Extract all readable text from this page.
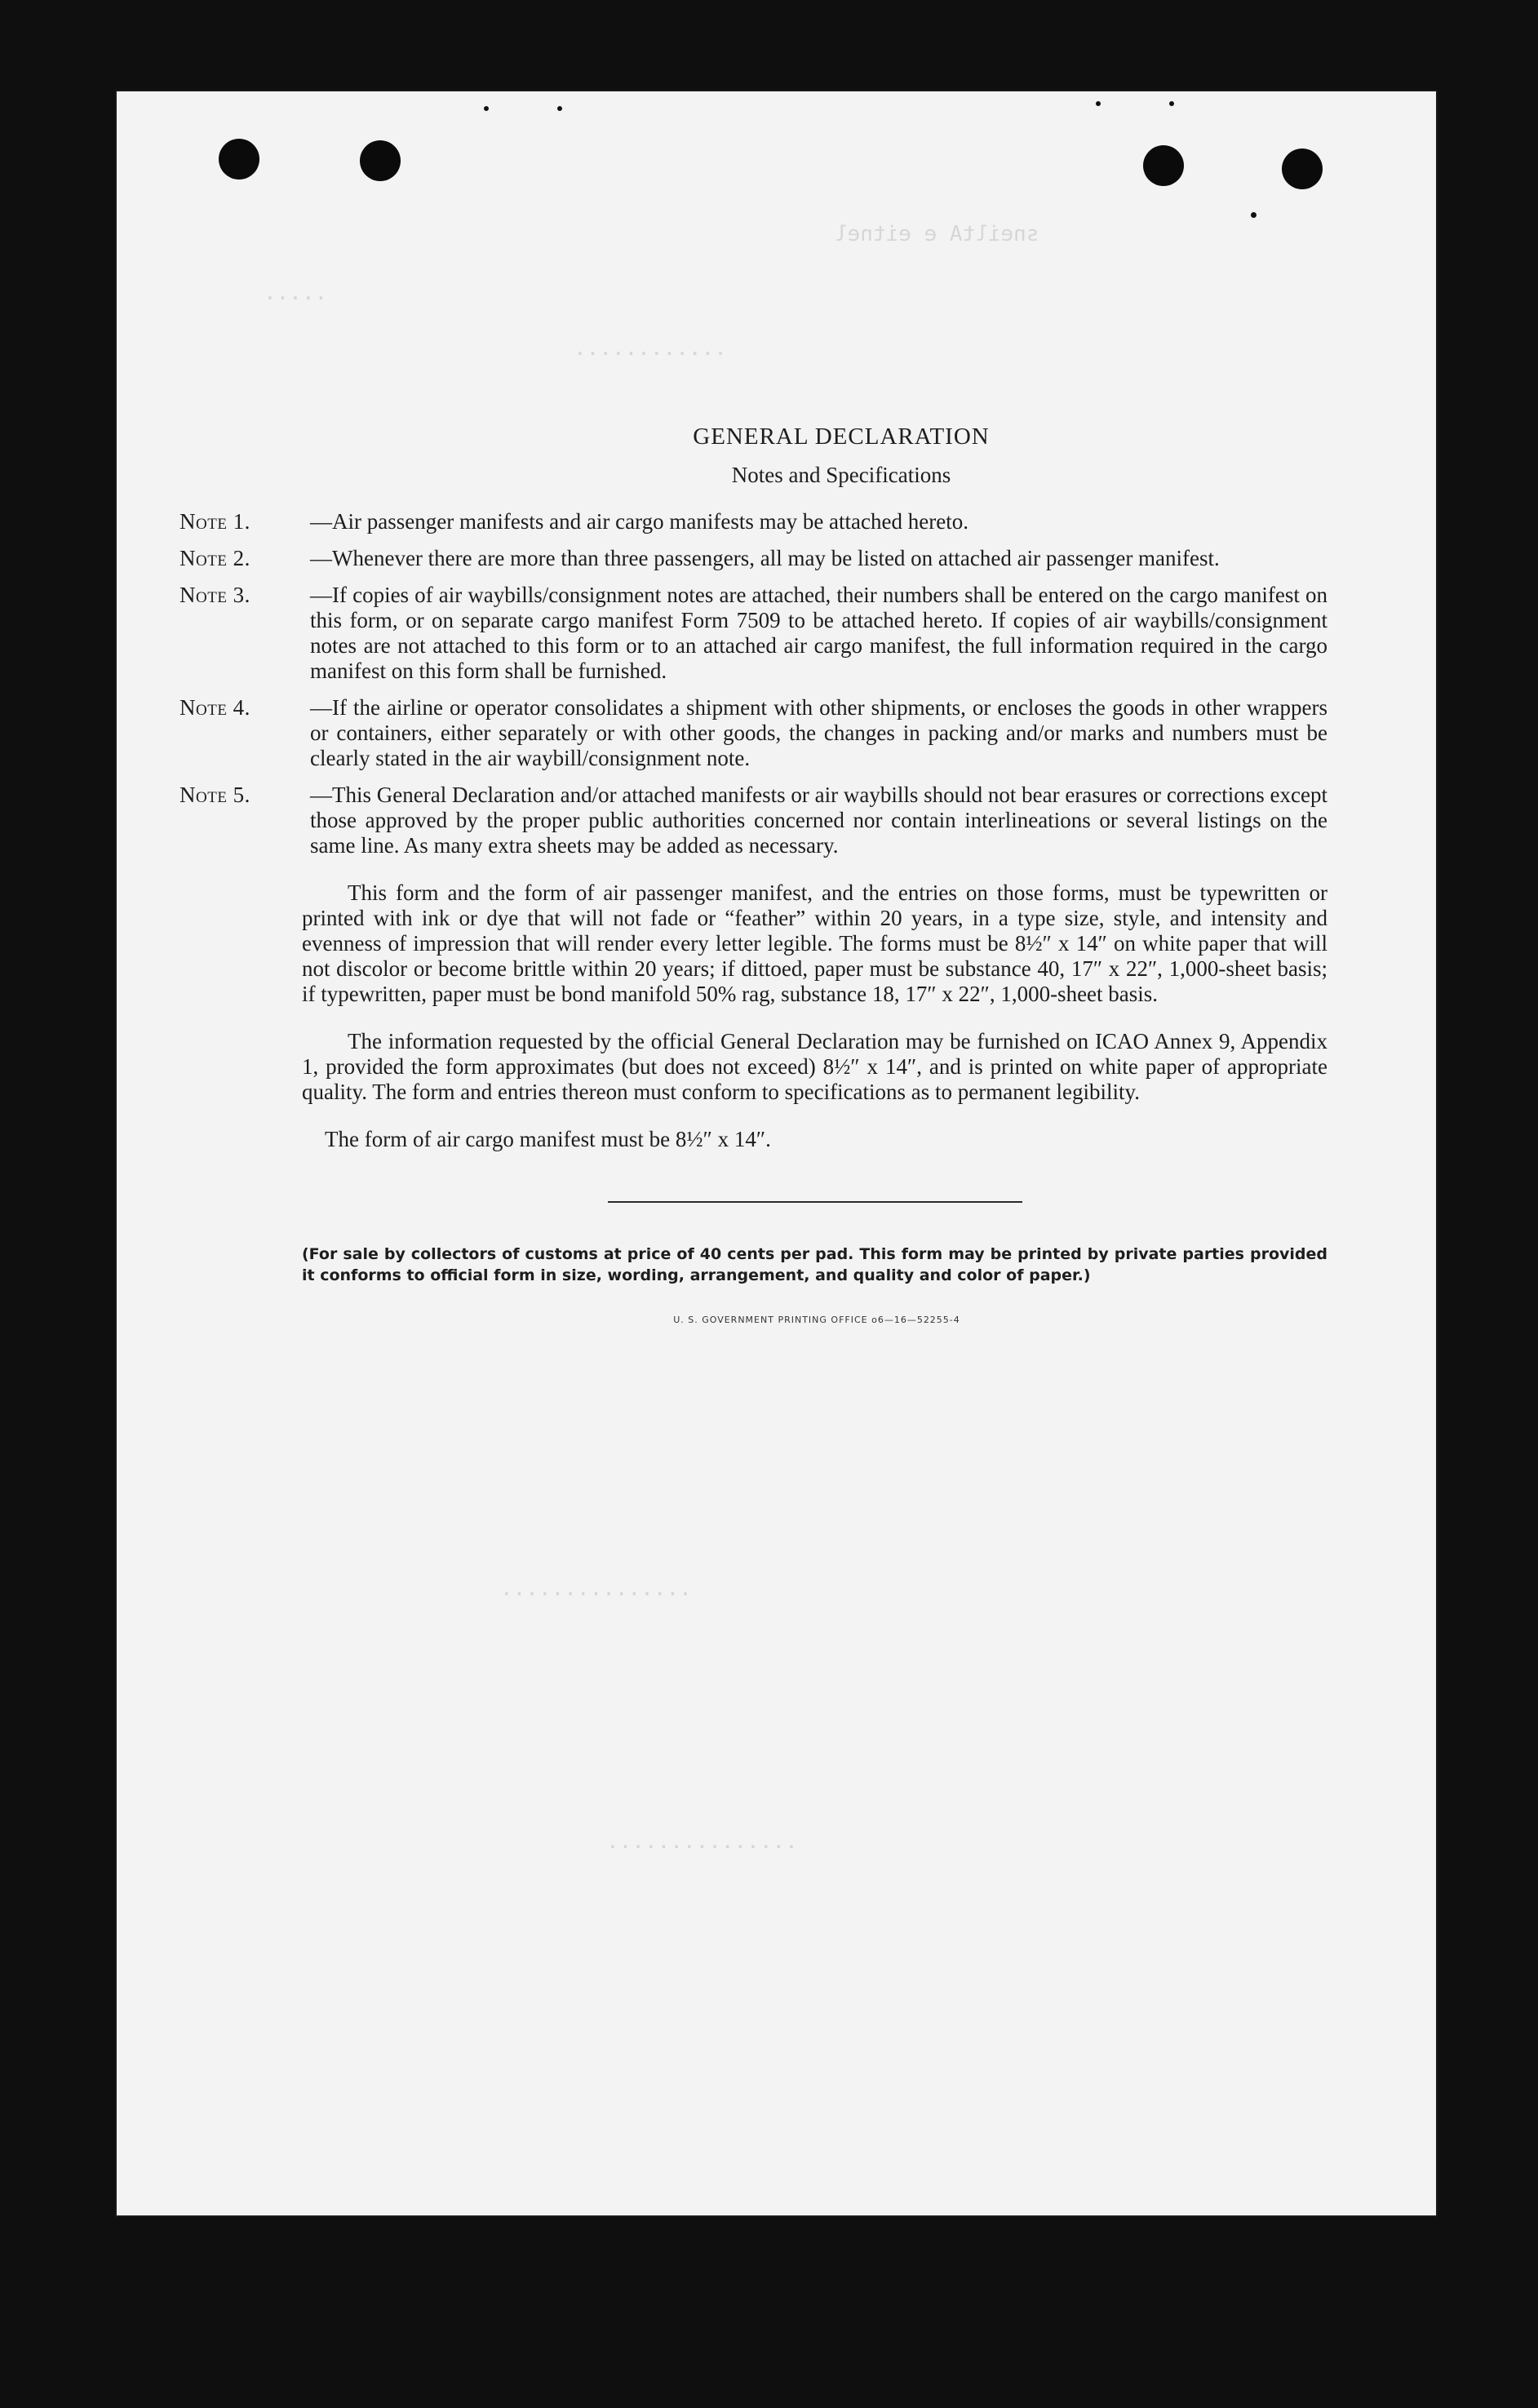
sneiltA e eitnel
.....
............
...............
...............
GENERAL DECLARATION
Notes and Specifications
Note 1.	—Air passenger manifests and air cargo manifests may be attached hereto.
Note 2.	—Whenever there are more than three passengers, all may be listed on attached air passenger manifest.
Note 3.	—If copies of air waybills/consignment notes are attached, their numbers shall be entered on the cargo manifest on this form, or on separate cargo manifest Form 7509 to be attached hereto. If copies of air waybills/consignment notes are not attached to this form or to an attached air cargo manifest, the full information required in the cargo manifest on this form shall be furnished.
Note 4.	—If the airline or operator consolidates a shipment with other shipments, or encloses the goods in other wrappers or containers, either separately or with other goods, the changes in packing and/or marks and numbers must be clearly stated in the air waybill/consignment note.
Note 5.	—This General Declaration and/or attached manifests or air waybills should not bear erasures or corrections except those approved by the proper public authorities concerned nor contain interlineations or several listings on the same line. As many extra sheets may be added as necessary.

This form and the form of air passenger manifest, and the entries on those forms, must be typewritten or printed with ink or dye that will not fade or “feather” within 20 years, in a type size, style, and intensity and evenness of impression that will render every letter legible. The forms must be 8½″ x 14″ on white paper that will not discolor or become brittle within 20 years; if dittoed, paper must be substance 40, 17″ x 22″, 1,000-sheet basis; if typewritten, paper must be bond manifold 50% rag, substance 18, 17″ x 22″, 1,000-sheet basis.

The information requested by the official General Declaration may be furnished on ICAO Annex 9, Appendix 1, provided the form approximates (but does not exceed) 8½″ x 14″, and is printed on white paper of appropriate quality. The form and entries thereon must conform to specifications as to permanent legibility.

The form of air cargo manifest must be 8½″ x 14″.

(For sale by collectors of customs at price of 40 cents per pad. This form may be printed by private parties provided it conforms to official form in size, wording, arrangement, and quality and color of paper.)
U. S. GOVERNMENT PRINTING OFFICE o6—16—52255-4
